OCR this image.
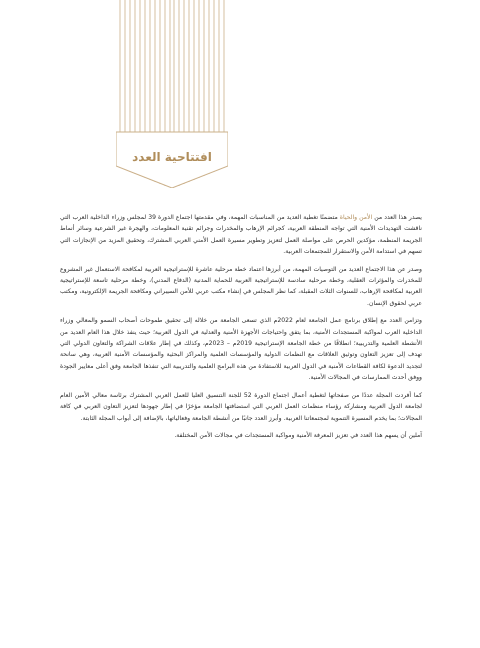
افتتاحية العدد

يصدر هذا العدد من الأمن والحياة متضمنًا تغطية العديد من المناسبات المهمة، وفي مقدمتها اجتماع الدورة 39 لمجلس وزراء الداخلية العرب التي ناقشت التهديدات الأمنية التي تواجه المنطقة العربية، كجرائم الإرهاب والمخدرات وجرائم تقنية المعلومات، والهجرة غير الشرعية وسائر أنماط الجريمة المنظمة، مؤكدين الحرص على مواصلة العمل لتعزيز وتطوير مسيرة العمل الأمني العربي المشترك، وتحقيق المزيد من الإنجازات التي تسهم في استدامة الأمن والاستقرار للمجتمعات العربية.

وصدر عن هذا الاجتماع العديد من التوصيات المهمة، من أبرزها اعتماد خطة مرحلية عاشرة للإستراتيجية العربية لمكافحة الاستعمال غير المشروع للمخدرات والمؤثرات العقلية، وخطة مرحلية سادسة للإستراتيجية العربية للحماية المدنية (الدفاع المدني)، وخطة مرحلية تاسعة للإستراتيجية العربية لمكافحة الإرهاب، للسنوات الثلاث المقبلة، كما نظر المجلس في إنشاء مكتب عربي للأمن السيبراني ومكافحة الجريمة الإلكترونية، ومكتب عربي لحقوق الإنسان.

وتزامن العدد مع إطلاق برنامج عمل الجامعة لعام 2022م الذي تسعى الجامعة من خلاله إلى تحقيق طموحات أصحاب السمو والمعالي وزراء الداخلية العرب لمواكبة المستجدات الأمنية، بما يتفق واحتياجات الأجهزة الأمنية والعدلية في الدول العربية؛ حيث ينفذ خلال هذا العام العديد من الأنشطة العلمية والتدريبية؛ انطلاقًا من خطة الجامعة الإستراتيجية 2019م – 2023م، وكذلك في إطار علاقات الشراكة والتعاون الدولي التي تهدف إلى تعزيز التعاون وتوثيق العلاقات مع النظمات الدولية والمؤسسات العلمية والمراكز البحثية والمؤسسات الأمنية العربية، وهي سانحة لتجديد الدعوة لكافة القطاعات الأمنية في الدول العربية للاستفادة من هذه البرامج العلمية والتدريبية التي تنفذها الجامعة وفق أعلى معايير الجودة ووفق أحدث الممارسات في المجالات الأمنية.

كما أفردت المجلة عددًا من صفحاتها لتغطية أعمال اجتماع الدورة 52 للجنة التنسيق العليا للعمل العربي المشترك برئاسة معالي الأمين العام لجامعة الدول العربية ومشاركة رؤساء منظمات العمل العربي التي استضافتها الجامعة مؤخرًا في إطار جهودها لتعزيز التعاون العربي في كافة المجالات؛ بما يخدم المسيرة التنموية لمجتمعاتنا العربية. وأبرز العدد جانبًا من أنشطة الجامعة وفعالياتها، بالإضافة إلى أبواب المجلة الثابتة.

آملين أن يسهم هذا العدد في تعزيز المعرفة الأمنية ومواكبة المستجدات في مجالات الأمن المختلفة.
